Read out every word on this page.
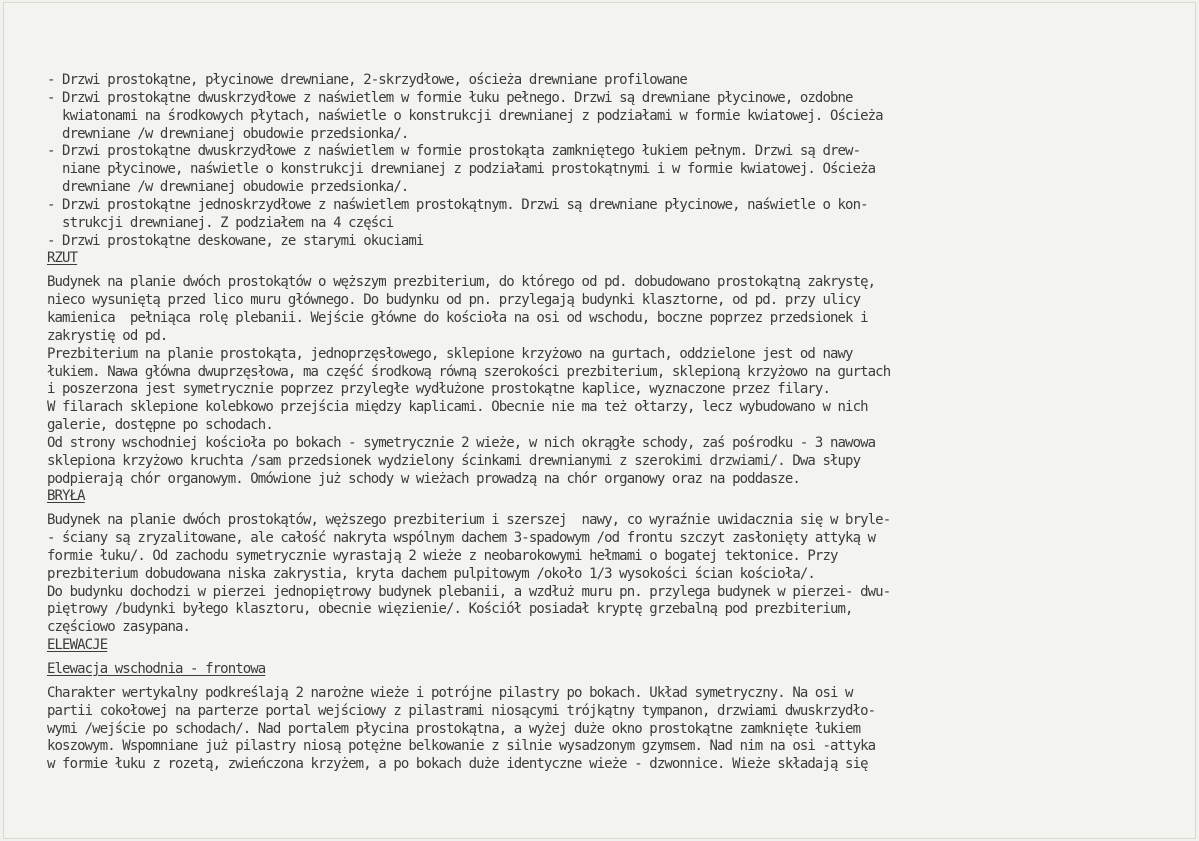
- Drzwi prostokątne, płycinowe drewniane, 2-skrzydłowe, ościeża drewniane profilowane
- Drzwi prostokątne dwuskrzydłowe z naświetlem w formie łuku pełnego. Drzwi są drewniane płycinowe, ozdobne
kwiatonami na środkowych płytach, naświetle o konstrukcji drewnianej z podziałami w formie kwiatowej. Ościeża
drewniane /w drewnianej obudowie przedsionka/.
- Drzwi prostokątne dwuskrzydłowe z naświetlem w formie prostokąta zamkniętego łukiem pełnym. Drzwi są drew-
niane płycinowe, naświetle o konstrukcji drewnianej z podziałami prostokątnymi i w formie kwiatowej. Ościeża
drewniane /w drewnianej obudowie przedsionka/.
- Drzwi prostokątne jednoskrzydłowe z naświetlem prostokątnym. Drzwi są drewniane płycinowe, naświetle o kon-
strukcji drewnianej. Z podziałem na 4 części
- Drzwi prostokątne deskowane, ze starymi okuciami
RZUT
Budynek na planie dwóch prostokątów o węższym prezbiterium, do którego od pd. dobudowano prostokątną zakrystę,
nieco wysuniętą przed lico muru głównego. Do budynku od pn. przylegają budynki klasztorne, od pd. przy ulicy
kamienica  pełniąca rolę plebanii. Wejście główne do kościoła na osi od wschodu, boczne poprzez przedsionek i
zakrystię od pd.
Prezbiterium na planie prostokąta, jednoprzęsłowego, sklepione krzyżowo na gurtach, oddzielone jest od nawy
łukiem. Nawa główna dwuprzęsłowa, ma część środkową równą szerokości prezbiterium, sklepioną krzyżowo na gurtach
i poszerzona jest symetrycznie poprzez przyległe wydłużone prostokątne kaplice, wyznaczone przez filary.
W filarach sklepione kolebkowo przejścia między kaplicami. Obecnie nie ma też ołtarzy, lecz wybudowano w nich
galerie, dostępne po schodach.
Od strony wschodniej kościoła po bokach - symetrycznie 2 wieże, w nich okrągłe schody, zaś pośrodku - 3 nawowa
sklepiona krzyżowo kruchta /sam przedsionek wydzielony ścinkami drewnianymi z szerokimi drzwiami/. Dwa słupy
podpierają chór organowym. Omówione już schody w wieżach prowadzą na chór organowy oraz na poddasze.
BRYŁA
Budynek na planie dwóch prostokątów, węższego prezbiterium i szerszej  nawy, co wyraźnie uwidacznia się w bryle-
- ściany są zryzalitowane, ale całość nakryta wspólnym dachem 3-spadowym /od frontu szczyt zasłonięty attyką w
formie łuku/. Od zachodu symetrycznie wyrastają 2 wieże z neobarokowymi hełmami o bogatej tektonice. Przy
prezbiterium dobudowana niska zakrystia, kryta dachem pulpitowym /około 1/3 wysokości ścian kościoła/.
Do budynku dochodzi w pierzei jednopiętrowy budynek plebanii, a wzdłuż muru pn. przylega budynek w pierzei- dwu-
piętrowy /budynki byłego klasztoru, obecnie więzienie/. Kościół posiadał kryptę grzebalną pod prezbiterium,
częściowo zasypana.
ELEWACJE
Elewacja wschodnia - frontowa
Charakter wertykalny podkreślają 2 narożne wieże i potrójne pilastry po bokach. Układ symetryczny. Na osi w
partii cokołowej na parterze portal wejściowy z pilastrami niosącymi trójkątny tympanon, drzwiami dwuskrzydło-
wymi /wejście po schodach/. Nad portalem płycina prostokątna, a wyżej duże okno prostokątne zamknięte łukiem
koszowym. Wspomniane już pilastry niosą potężne belkowanie z silnie wysadzonym gzymsem. Nad nim na osi -attyka
w formie łuku z rozetą, zwieńczona krzyżem, a po bokach duże identyczne wieże - dzwonnice. Wieże składają się
